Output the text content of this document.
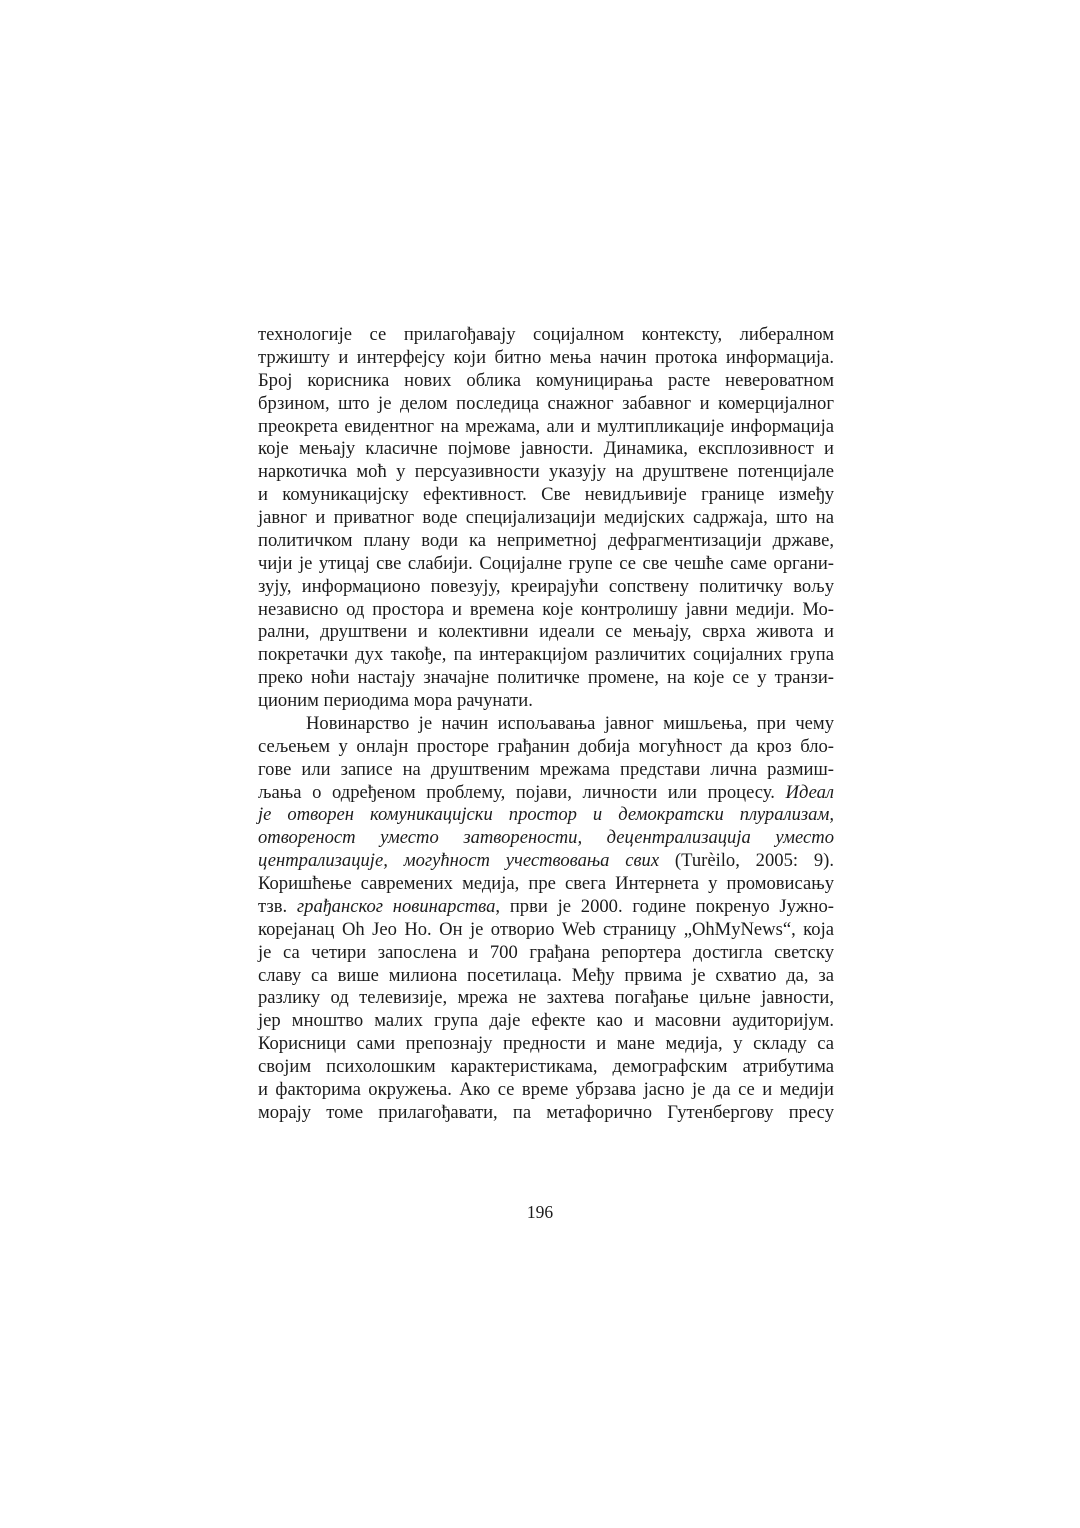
технологије се прилагођавају социјалном контексту, либералном
тржишту и интерфејсу који битно мења начин протока информација.
Број корисника нових облика комуницирања расте невероватном
брзином, што је делом последица снажног забавног и комерцијалног
преокрета евидентног на мрежама, али и мултипликације информација
које мењају класичне појмове јавности. Динамика, експлозивност и
наркотичка моћ у персуазивности указују на друштвене потенцијале
и комуникацијску ефективност. Све невидљивије границе између
јавног и приватног воде специјализацији медијских садржаја, што на
политичком плану води ка неприметној дефрагментизацији државе,
чији је утицај све слабији. Социјалне групе се све чешће саме органи-
зују, информационо повезују, креирајући сопствену политичку вољу
независно од простора и времена које контролишу јавни медији. Мо-
рални, друштвени и колективни идеали се мењају, сврха живота и
покретачки дух такође, па интеракцијом различитих социјалних група
преко ноћи настају значајне политичке промене, на које се у транзи-
ционим периодима мора рачунати.
Новинарство је начин испољавања јавног мишљења, при чему
сељењем у онлајн просторе грађанин добија могућност да кроз бло-
гове или записе на друштвеним мрежама представи лична размиш-
љања о одређеном проблему, појави, личности или процесу. Идеал
је отворен комуникацијски простор и демократски плурализам,
отвореност уместо затворености, децентрализација уместо
централизације, могућност учествовања свих (Turèilo, 2005: 9).
Коришћење савремених медија, пре свега Интернета у промовисању
тзв. грађанског новинарства, први је 2000. године покренуо Јужно-
корејанац Oh Jeo Ho. Он је отворио Web страницу „OhMyNews“, која
је са четири запослена и 700 грађана репортера достигла светску
славу са више милиона посетилаца. Међу првима је схватио да, за
разлику од телевизије, мрежа не захтева погађање циљне јавности,
јер мноштво малих група даје ефекте као и масовни аудиторијум.
Корисници сами препознају предности и мане медија, у складу са
својим психолошким карактеристикама, демографским атрибутима
и факторима окружења. Ако се време убрзава јасно је да се и медији
морају томе прилагођавати, па метафорично Гутенбергову пресу
196
